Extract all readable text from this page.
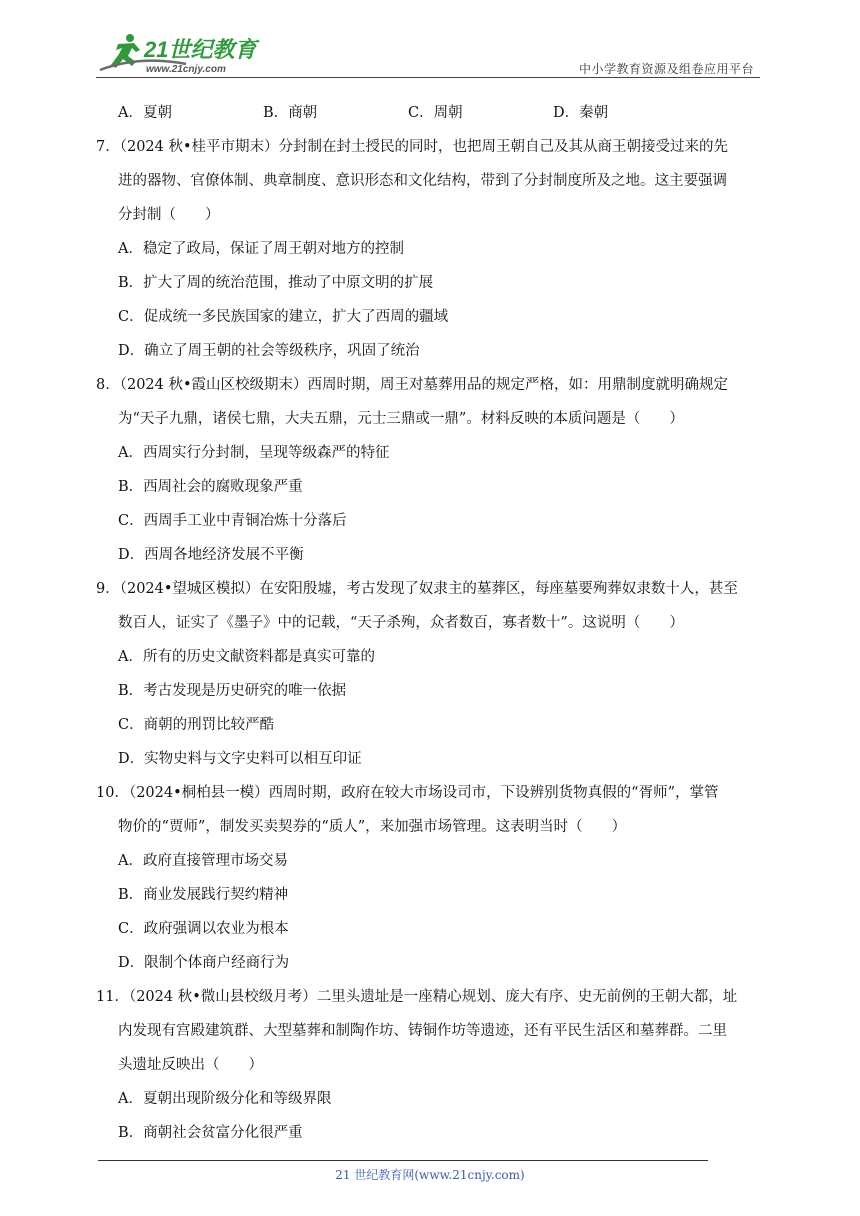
21世纪教育
www.21cnjy.com	中小学教育资源及组卷应用平台
A．夏朝	B．商朝	C．周朝	D．秦朝
7．（2024 秋•桂平市期末）分封制在封土授民的同时，也把周王朝自己及其从商王朝接受过来的先
进的器物、官僚体制、典章制度、意识形态和文化结构，带到了分封制度所及之地。这主要强调
分封制（　　）
A．稳定了政局，保证了周王朝对地方的控制
B．扩大了周的统治范围，推动了中原文明的扩展
C．促成统一多民族国家的建立，扩大了西周的疆域
D．确立了周王朝的社会等级秩序，巩固了统治
8．（2024 秋•霞山区校级期末）西周时期，周王对墓葬用品的规定严格，如：用鼎制度就明确规定
为“天子九鼎，诸侯七鼎，大夫五鼎，元士三鼎或一鼎”。材料反映的本质问题是（　　）
A．西周实行分封制，呈现等级森严的特征
B．西周社会的腐败现象严重
C．西周手工业中青铜冶炼十分落后
D．西周各地经济发展不平衡
9．（2024•望城区模拟）在安阳殷墟，考古发现了奴隶主的墓葬区，每座墓要殉葬奴隶数十人，甚至
数百人，证实了《墨子》中的记载，“天子杀殉，众者数百，寡者数十”。这说明（　　）
A．所有的历史文献资料都是真实可靠的
B．考古发现是历史研究的唯一依据
C．商朝的刑罚比较严酷
D．实物史料与文字史料可以相互印证
10．（2024•桐柏县一模）西周时期，政府在较大市场设司市，下设辨别货物真假的“胥师”，掌管
物价的“贾师”，制发买卖契券的“质人”，来加强市场管理。这表明当时（　　）
A．政府直接管理市场交易
B．商业发展践行契约精神
C．政府强调以农业为根本
D．限制个体商户经商行为
11．（2024 秋•微山县校级月考）二里头遗址是一座精心规划、庞大有序、史无前例的王朝大都，址
内发现有宫殿建筑群、大型墓葬和制陶作坊、铸铜作坊等遗迹，还有平民生活区和墓葬群。二里
头遗址反映出（　　）
A．夏朝出现阶级分化和等级界限
B．商朝社会贫富分化很严重
21 世纪教育网(www.21cnjy.com)
